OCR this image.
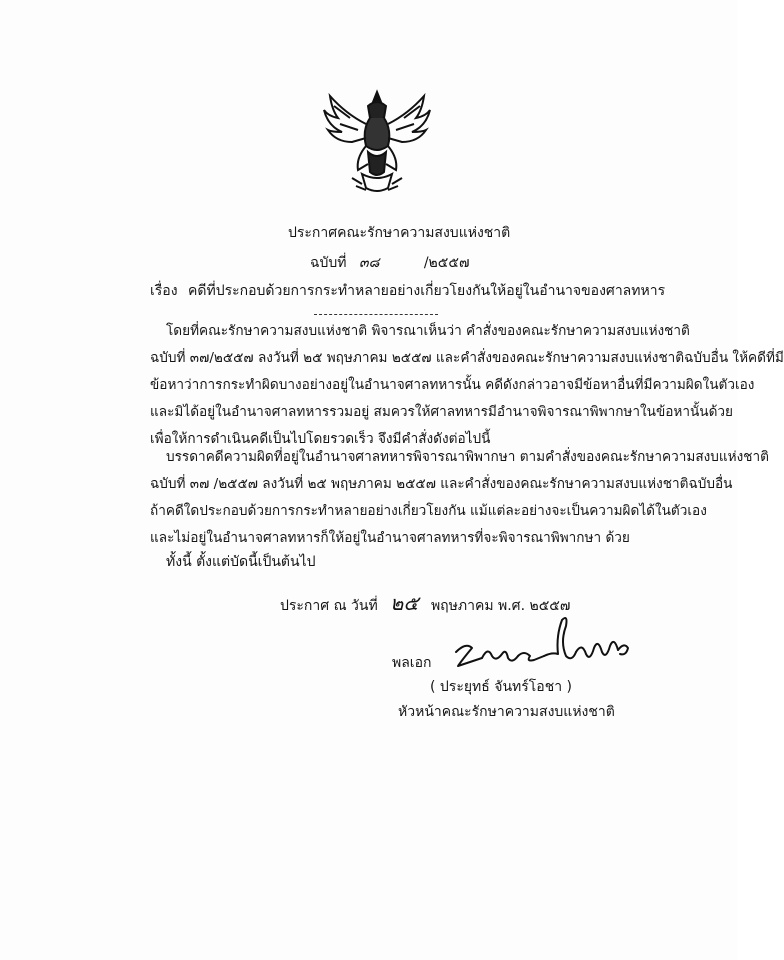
ประกาศคณะรักษาความสงบแห่งชาติ
ฉบับที่ ๓๘	/๒๕๕๗
เรื่อง คดีที่ประกอบด้วยการกระทำหลายอย่างเกี่ยวโยงกันให้อยู่ในอำนาจของศาลทหาร
โดยที่คณะรักษาความสงบแห่งชาติ พิจารณาเห็นว่า คำสั่งของคณะรักษาความสงบแห่งชาติ
ฉบับที่ ๓๗/๒๕๕๗ ลงวันที่ ๒๕ พฤษภาคม ๒๕๕๗ และคำสั่งของคณะรักษาความสงบแห่งชาติฉบับอื่น ให้คดีที่มี
ข้อหาว่าการกระทำผิดบางอย่างอยู่ในอำนาจศาลทหารนั้น คดีดังกล่าวอาจมีข้อหาอื่นที่มีความผิดในตัวเอง
และมิได้อยู่ในอำนาจศาลทหารรวมอยู่ สมควรให้ศาลทหารมีอำนาจพิจารณาพิพากษาในข้อหานั้นด้วย
เพื่อให้การดำเนินคดีเป็นไปโดยรวดเร็ว จึงมีคำสั่งดังต่อไปนี้
บรรดาคดีความผิดที่อยู่ในอำนาจศาลทหารพิจารณาพิพากษา ตามคำสั่งของคณะรักษาความสงบแห่งชาติ
ฉบับที่ ๓๗ /๒๕๕๗ ลงวันที่ ๒๕ พฤษภาคม ๒๕๕๗ และคำสั่งของคณะรักษาความสงบแห่งชาติฉบับอื่น
ถ้าคดีใดประกอบด้วยการกระทำหลายอย่างเกี่ยวโยงกัน แม้แต่ละอย่างจะเป็นความผิดได้ในตัวเอง
และไม่อยู่ในอำนาจศาลทหารก็ให้อยู่ในอำนาจศาลทหารที่จะพิจารณาพิพากษา ด้วย
ทั้งนี้ ตั้งแต่บัดนี้เป็นต้นไป
ประกาศ ณ วันที่ ๒๕ พฤษภาคม พ.ศ. ๒๕๕๗
พลเอก
( ประยุทธ์ จันทร์โอชา )
หัวหน้าคณะรักษาความสงบแห่งชาติ
